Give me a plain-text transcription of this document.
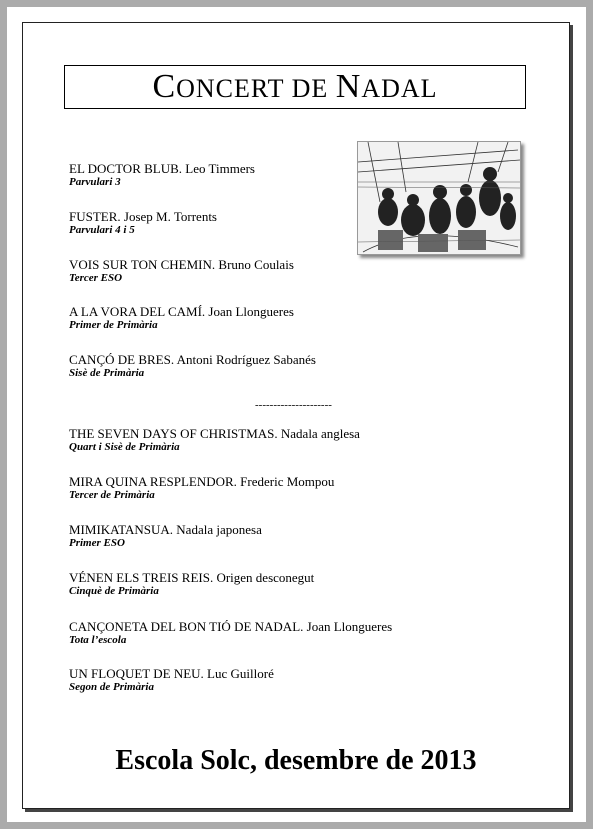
CONCERT DE NADAL
EL DOCTOR BLUB. Leo Timmers
Parvulari 3
FUSTER. Josep M. Torrents
Parvulari 4 i 5
VOIS SUR TON CHEMIN. Bruno Coulais
Tercer ESO
A LA VORA DEL CAMÍ. Joan Llongueres
Primer de Primària
CANÇÓ DE BRES. Antoni Rodríguez Sabanés
Sisè de Primària
---------------------
THE SEVEN DAYS OF CHRISTMAS. Nadala anglesa
Quart i Sisè de Primària
MIRA QUINA RESPLENDOR. Frederic Mompou
Tercer de Primària
MIMIKATANSUA. Nadala japonesa
Primer ESO
VÉNEN ELS TREIS REIS. Origen desconegut
Cinquè de Primària
CANÇONETA DEL BON TIÓ DE NADAL. Joan Llongueres
Tota l’escola
UN FLOQUET DE NEU. Luc Guilloré
Segon de Primària
Escola Solc, desembre de 2013
